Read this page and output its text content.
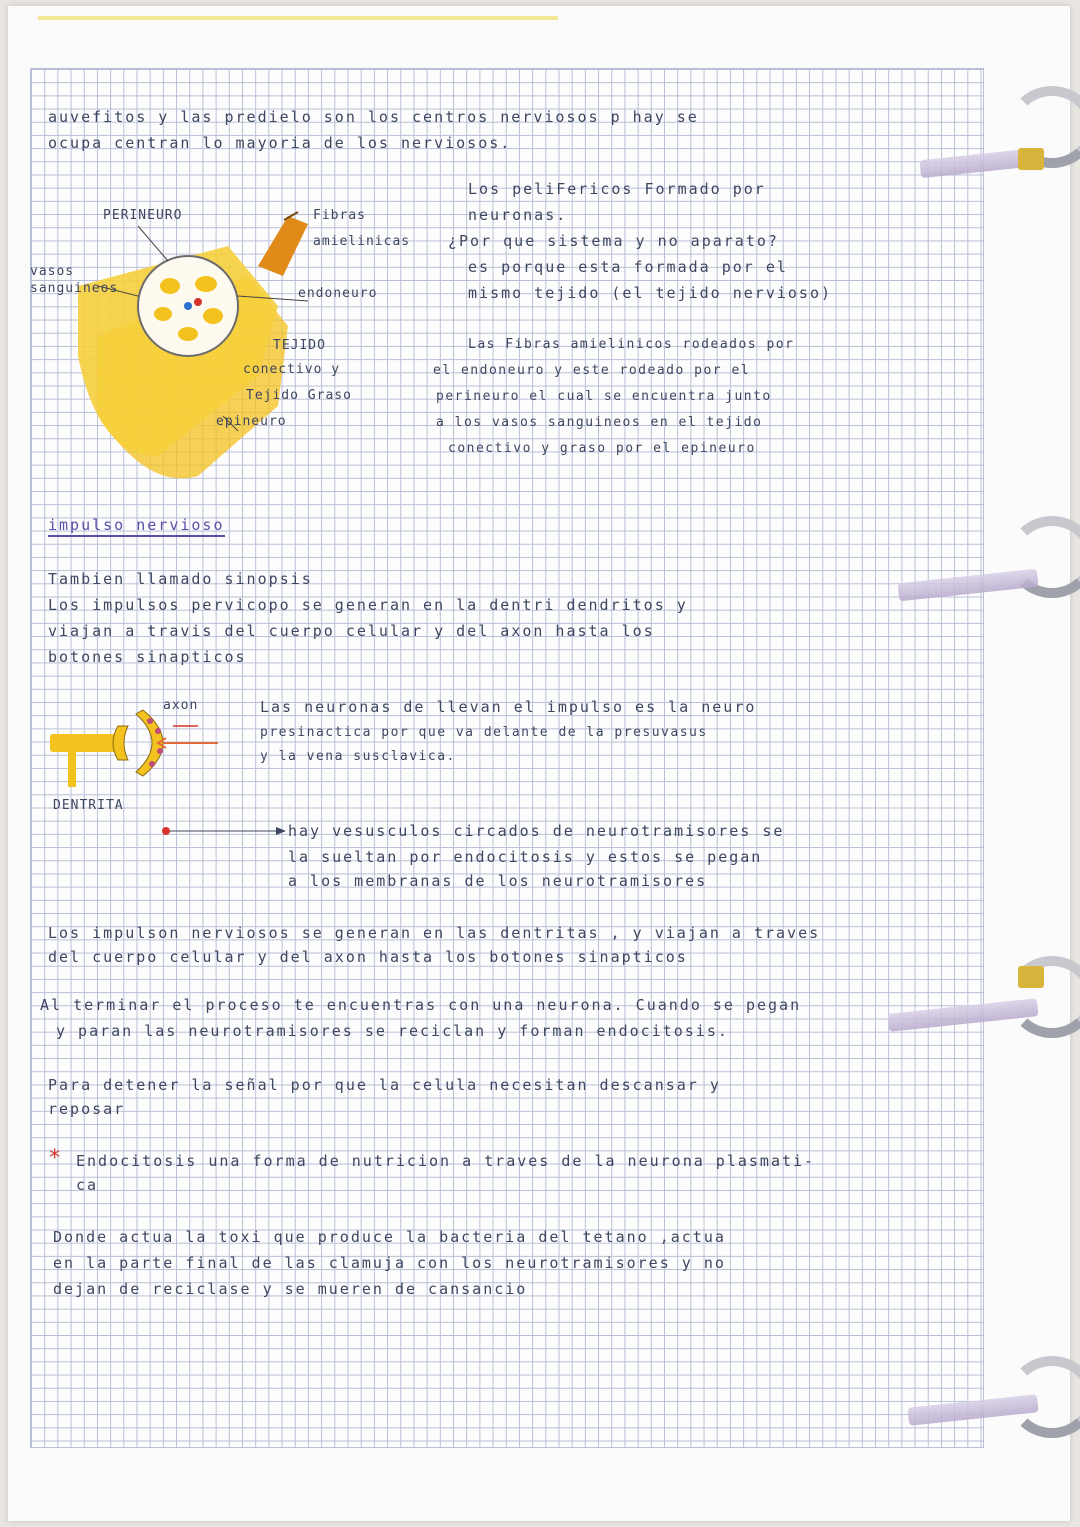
auvefitos y las predielo son los centros nerviosos p hay se
ocupa centran lo mayoria de los nerviosos.
PERINEURO	Fibras
amielinicas
vasos
sanguineos	endoneuro
TEJIDO
conectivo y
Tejido Graso
epineuro
Los peliFericos Formado por
neuronas.
¿Por que sistema y no aparato?
es porque esta formada por el
mismo tejido (el tejido nervioso)
Las Fibras amielinicos rodeados por
el endoneuro y este rodeado por el
perineuro el cual se encuentra junto
a los vasos sanguineos en el tejido
conectivo y graso por el epineuro
impulso nervioso
Tambien llamado sinopsis
Los impulsos pervicopo se generan en la dentri dendritos y
viajan a travis del cuerpo celular y del axon hasta los
botones sinapticos
axon
DENTRITA
Las neuronas de llevan el impulso es la neuro
presinactica por que va delante de la presuvasus
y la vena susclavica.
hay vesusculos circados de neurotramisores se
la sueltan por endocitosis y estos se pegan
a los membranas de los neurotramisores
Los impulson nerviosos se generan en las dentritas , y viajan a traves
del cuerpo celular y del axon hasta los botones sinapticos
Al terminar el proceso te encuentras con una neurona. Cuando se pegan
y paran las neurotramisores se reciclan y forman endocitosis.
Para detener la señal por que la celula necesitan descansar y
reposar
* Endocitosis una forma de nutricion a traves de la neurona plasmati-
ca
Donde actua la toxi que produce la bacteria del tetano ,actua
en la parte final de las clamuja con los neurotramisores y no
dejan de reciclase y se mueren de cansancio
